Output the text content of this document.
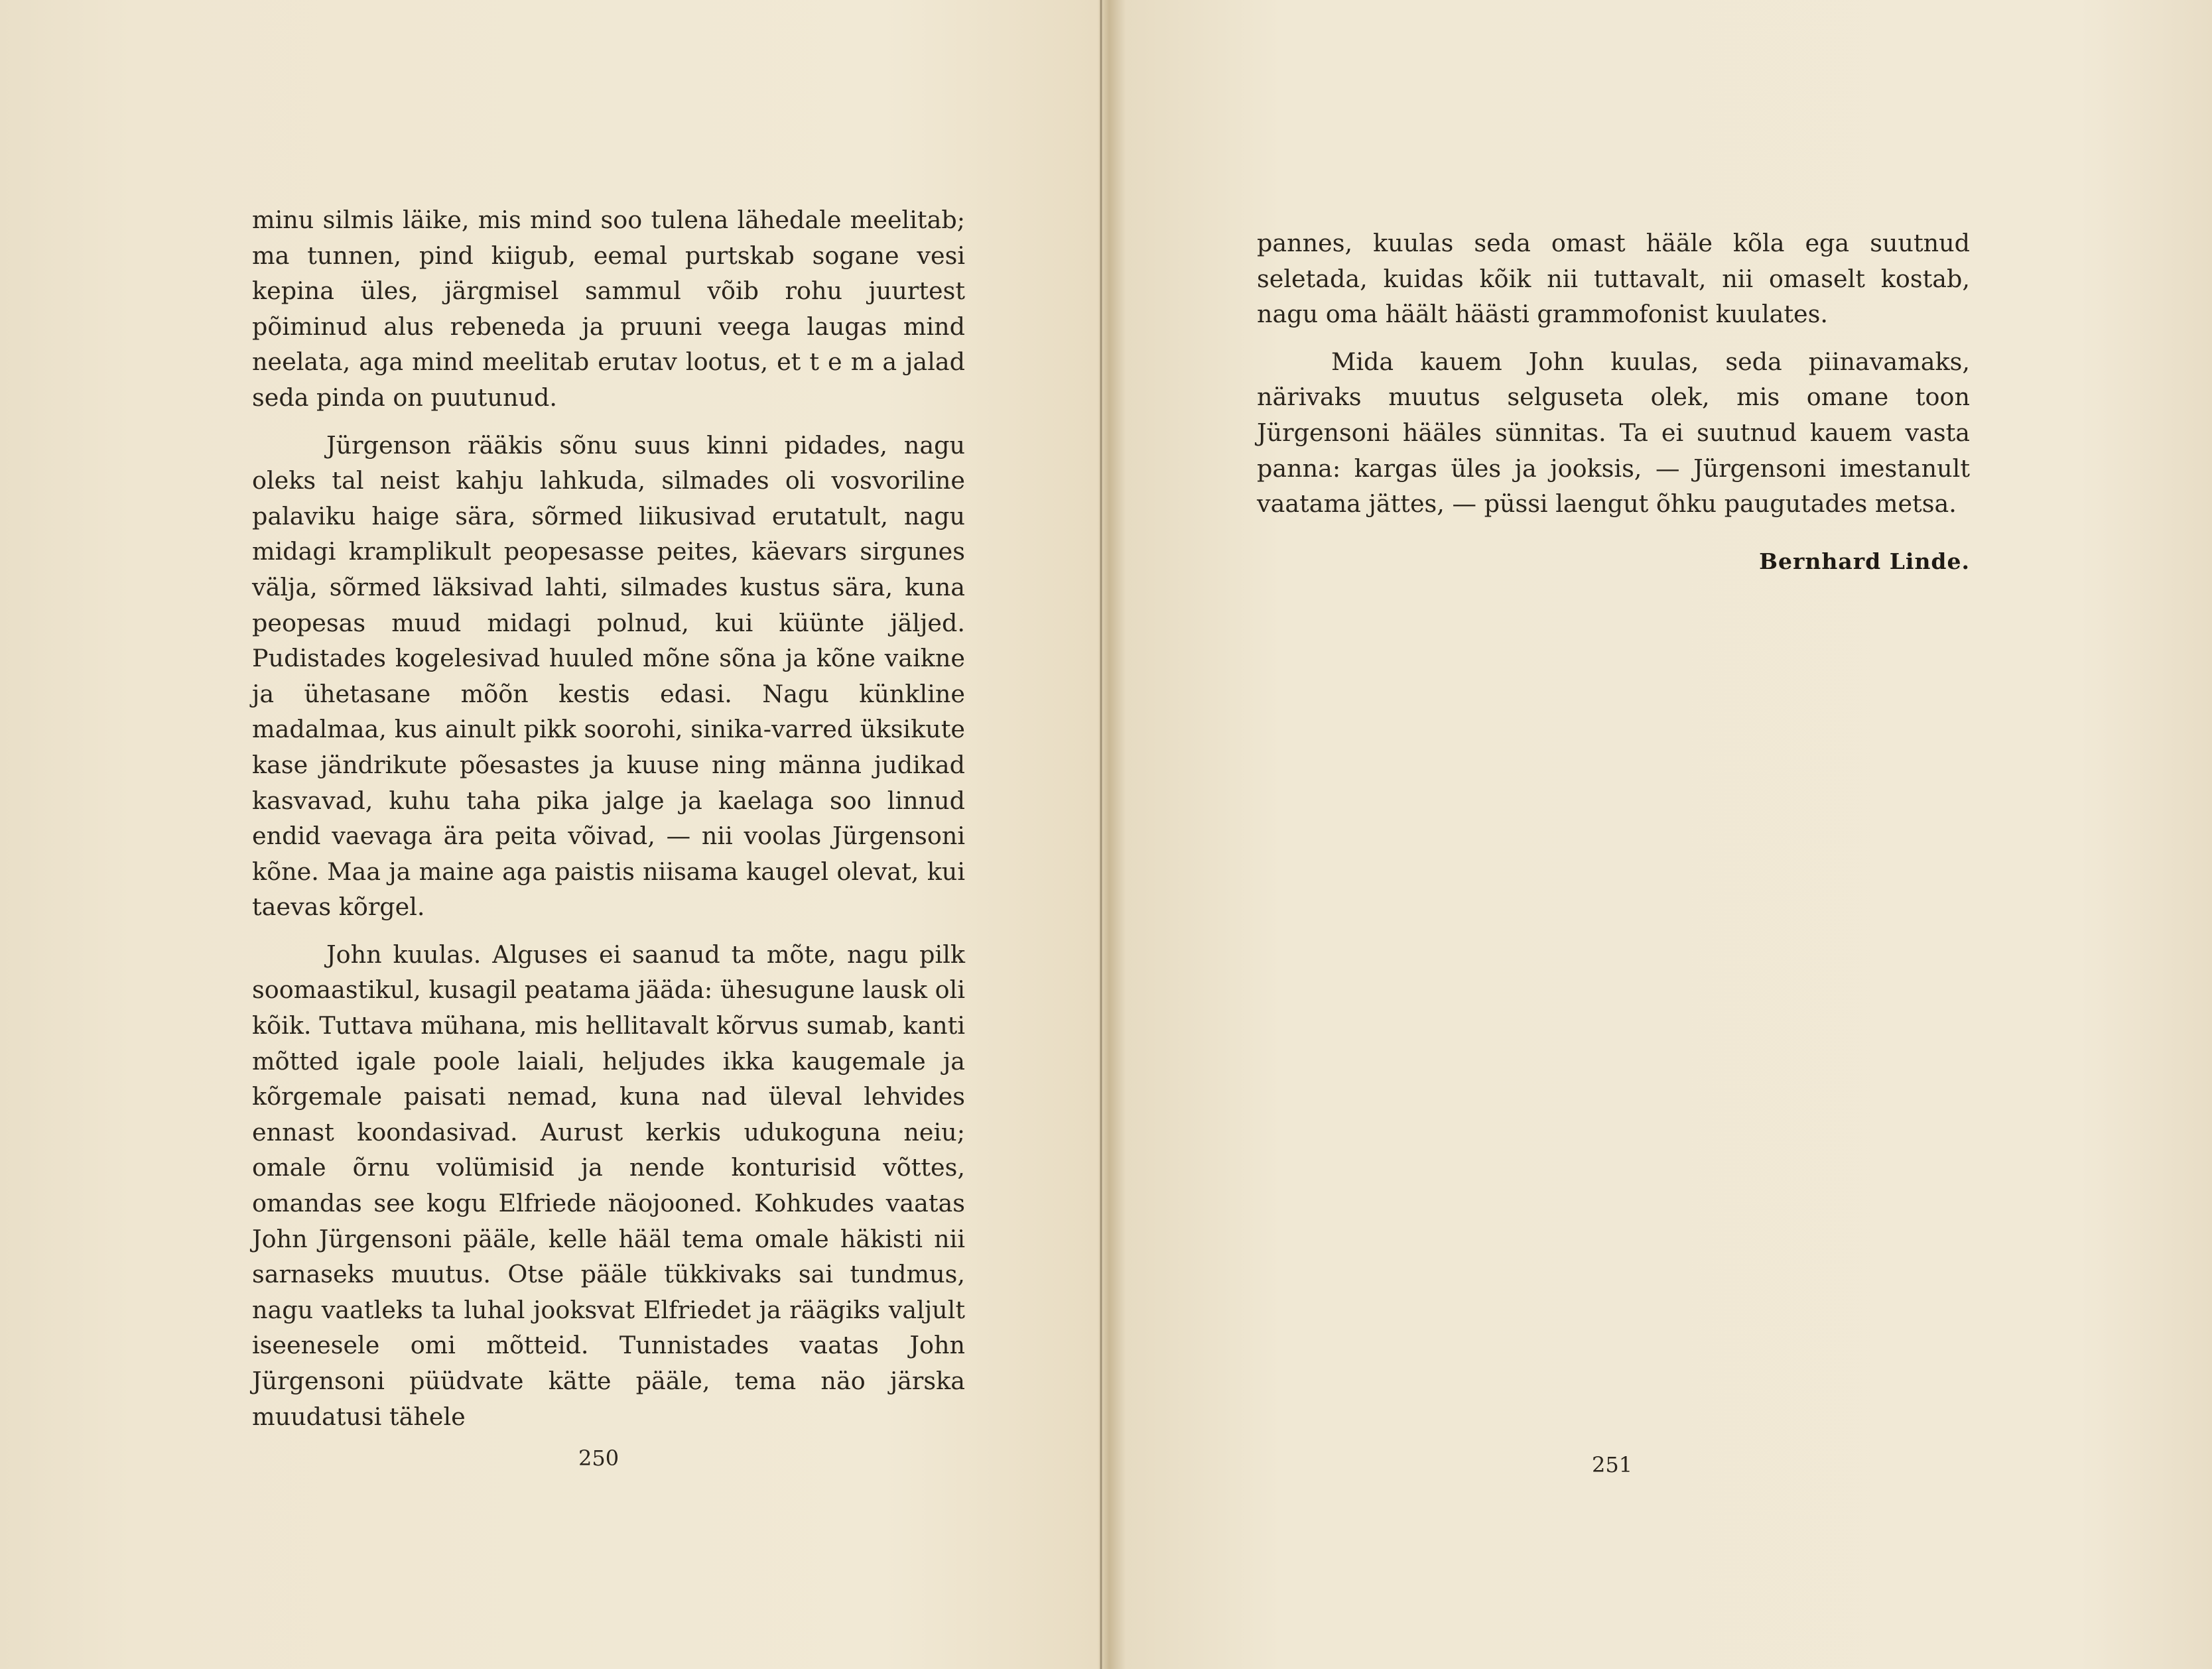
minu silmis läike, mis mind soo tulena lähedale meelitab; ma tunnen, pind kiigub, eemal purtskab sogane vesi kepina üles, järgmisel sammul võib rohu juurtest põiminud alus rebeneda ja pruuni veega laugas mind neelata, aga mind meelitab erutav lootus, et t e m a jalad seda pinda on puutunud.

Jürgenson rääkis sõnu suus kinni pidades, nagu oleks tal neist kahju lahkuda, silmades oli vosvoriline palaviku haige sära, sõrmed liikusivad erutatult, nagu midagi kramplikult peopesasse peites, käevars sirgunes välja, sõrmed läksivad lahti, silmades kustus sära, kuna peopesas muud midagi polnud, kui küünte jäljed. Pudistades kogelesivad huuled mõne sõna ja kõne vaikne ja ühetasane mõõn kestis edasi. Nagu künkline madalmaa, kus ainult pikk soorohi, sinika-varred üksikute kase jändrikute põesastes ja kuuse ning männa judikad kasvavad, kuhu taha pika jalge ja kaelaga soo linnud endid vaevaga ära peita võivad, — nii voolas Jürgensoni kõne. Maa ja maine aga paistis niisama kaugel olevat, kui taevas kõrgel.

John kuulas. Alguses ei saanud ta mõte, nagu pilk soomaastikul, kusagil peatama jääda: ühesugune lausk oli kõik. Tuttava mühana, mis hellitavalt kõrvus sumab, kanti mõtted igale poole laiali, heljudes ikka kaugemale ja kõrgemale paisati nemad, kuna nad üleval lehvides ennast koondasivad. Aurust kerkis udukoguna neiu; omale õrnu volümisid ja nende konturisid võttes, omandas see kogu Elfriede näojooned. Kohkudes vaatas John Jürgensoni pääle, kelle hääl tema omale häkisti nii sarnaseks muutus. Otse pääle tükkivaks sai tundmus, nagu vaatleks ta luhal jooksvat Elfriedet ja räägiks valjult iseenesele omi mõtteid. Tunnistades vaatas John Jürgensoni püüdvate kätte pääle, tema näo järska muudatusi tähele

250

pannes, kuulas seda omast hääle kõla ega suutnud seletada, kuidas kõik nii tuttavalt, nii omaselt kostab, nagu oma häält häästi grammofonist kuulates.

Mida kauem John kuulas, seda piinavamaks, närivaks muutus selguseta olek, mis omane toon Jürgensoni hääles sünnitas. Ta ei suutnud kauem vasta panna: kargas üles ja jooksis, — Jürgensoni imestanult vaatama jättes, — püssi laengut õhku paugutades metsa.

Bernhard Linde.
251
